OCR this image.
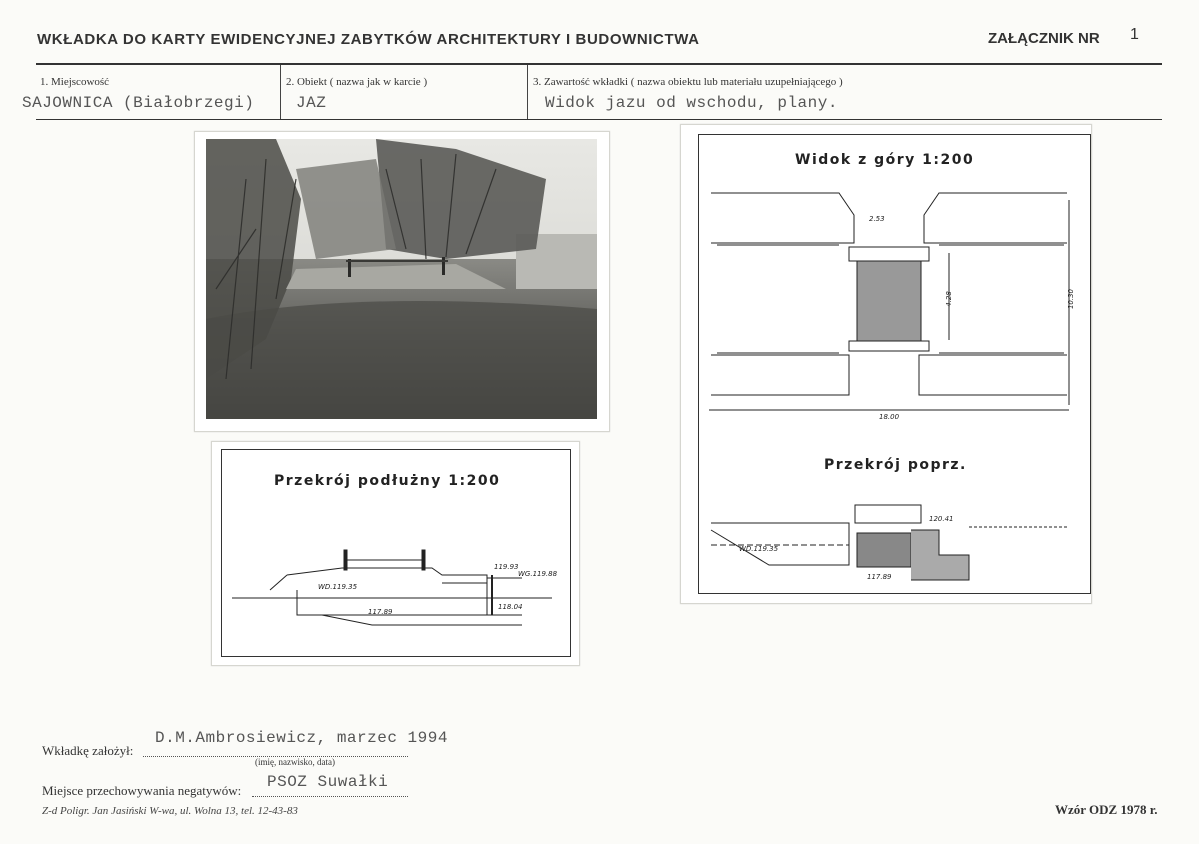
WKŁADKA DO KARTY EWIDENCYJNEJ ZABYTKÓW ARCHITEKTURY I BUDOWNICTWA	ZAŁĄCZNIK NR 1
1. Miejscowość
SAJOWNICA (Białobrzegi)
2. Obiekt ( nazwa jak w karcie )
JAZ
3. Zawartość wkładki ( nazwa obiektu lub materiału uzupełniającego )
Widok jazu od wschodu, plany.
Przekrój podłużny 1:200
WD.119.35
117.89
119.93
WG.119.88
118.04
Widok z góry 1:200
2.53
4.28	10.30
18.00
Przekrój poprz.
120.41
WD.119.35
117.89
Wkładkę założył:
D.M.Ambrosiewicz, marzec 1994
(imię, nazwisko, data)
Miejsce przechowywania negatywów: PSOZ Suwałki
Z-d Poligr. Jan Jasiński W-wa, ul. Wolna 13, tel. 12-43-83	Wzór ODZ 1978 r.
